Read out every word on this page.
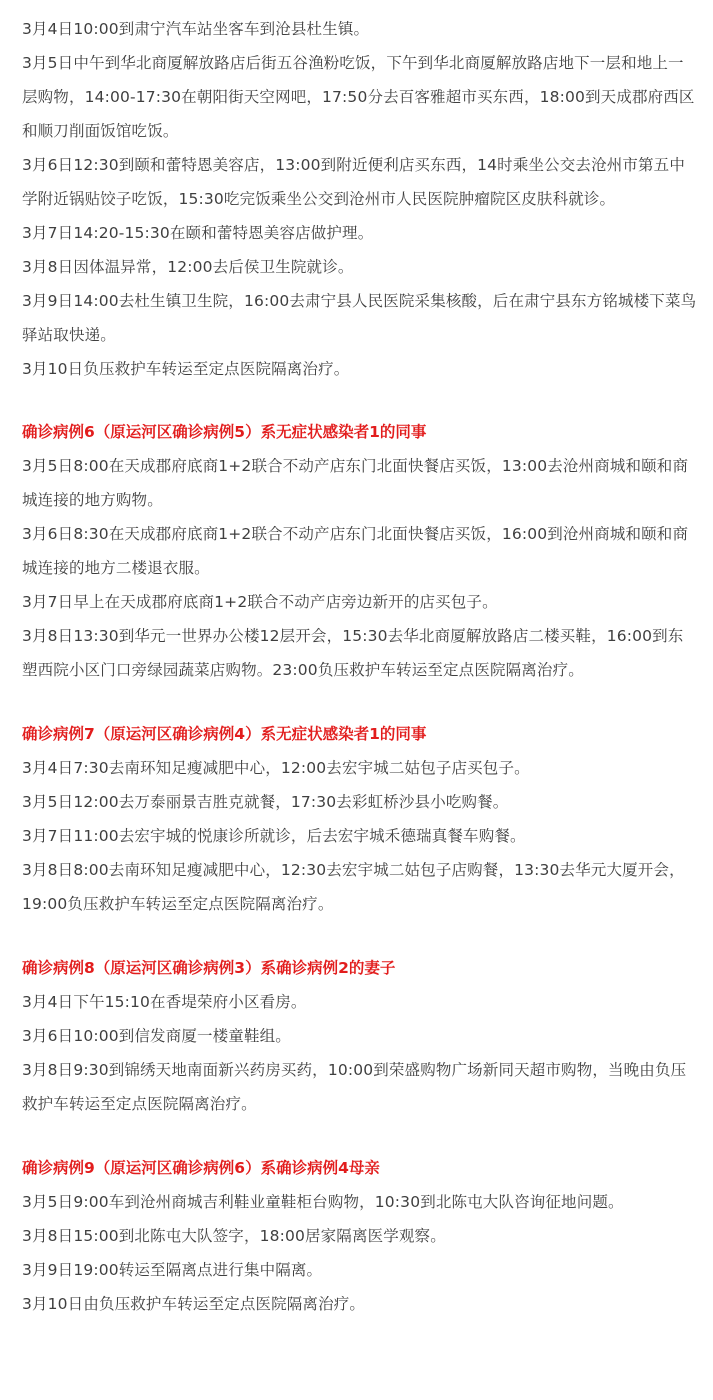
3月4日10:00到肃宁汽车站坐客车到沧县杜生镇。

3月5日中午到华北商厦解放路店后街五谷渔粉吃饭，下午到华北商厦解放路店地下一层和地上一层购物，14:00-17:30在朝阳街天空网吧，17:50分去百客雅超市买东西，18:00到天成郡府西区和顺刀削面饭馆吃饭。

3月6日12:30到颐和蕾特恩美容店，13:00到附近便利店买东西，14时乘坐公交去沧州市第五中学附近锅贴饺子吃饭，15:30吃完饭乘坐公交到沧州市人民医院肿瘤院区皮肤科就诊。

3月7日14:20-15:30在颐和蕾特恩美容店做护理。

3月8日因体温异常，12:00去后侯卫生院就诊。

3月9日14:00去杜生镇卫生院，16:00去肃宁县人民医院采集核酸，后在肃宁县东方铭城楼下菜鸟驿站取快递。

3月10日负压救护车转运至定点医院隔离治疗。

确诊病例6（原运河区确诊病例5）系无症状感染者1的同事

3月5日8:00在天成郡府底商1+2联合不动产店东门北面快餐店买饭，13:00去沧州商城和颐和商城连接的地方购物。

3月6日8:30在天成郡府底商1+2联合不动产店东门北面快餐店买饭，16:00到沧州商城和颐和商城连接的地方二楼退衣服。

3月7日早上在天成郡府底商1+2联合不动产店旁边新开的店买包子。

3月8日13:30到华元一世界办公楼12层开会，15:30去华北商厦解放路店二楼买鞋，16:00到东塑西院小区门口旁绿园蔬菜店购物。23:00负压救护车转运至定点医院隔离治疗。

确诊病例7（原运河区确诊病例4）系无症状感染者1的同事

3月4日7:30去南环知足瘦减肥中心，12:00去宏宇城二姑包子店买包子。

3月5日12:00去万泰丽景吉胜克就餐，17:30去彩虹桥沙县小吃购餐。

3月7日11:00去宏宇城的悦康诊所就诊，后去宏宇城禾德瑞真餐车购餐。

3月8日8:00去南环知足瘦减肥中心，12:30去宏宇城二姑包子店购餐，13:30去华元大厦开会，19:00负压救护车转运至定点医院隔离治疗。

确诊病例8（原运河区确诊病例3）系确诊病例2的妻子

3月4日下午15:10在香堤荣府小区看房。

3月6日10:00到信发商厦一楼童鞋组。

3月8日9:30到锦绣天地南面新兴药房买药，10:00到荣盛购物广场新同天超市购物，当晚由负压救护车转运至定点医院隔离治疗。

确诊病例9（原运河区确诊病例6）系确诊病例4母亲

3月5日9:00车到沧州商城吉利鞋业童鞋柜台购物，10:30到北陈屯大队咨询征地问题。

3月8日15:00到北陈屯大队签字，18:00居家隔离医学观察。

3月9日19:00转运至隔离点进行集中隔离。

3月10日由负压救护车转运至定点医院隔离治疗。
